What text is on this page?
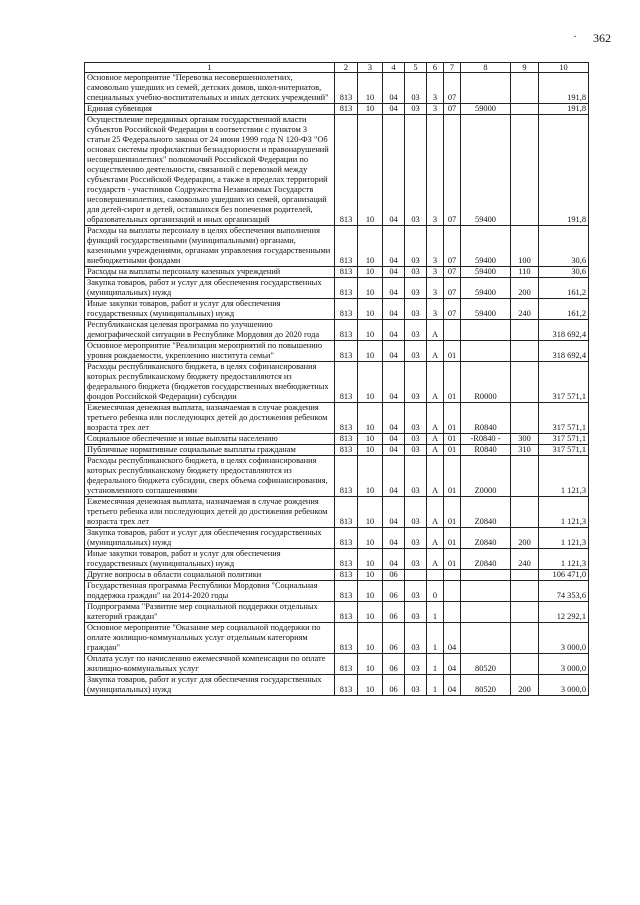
· 362
1	2	3	4	5	6	7	8	9	10
Основное мероприятие "Перевозка несовершеннолетних, самовольно ушедших из семей, детских домов, школ-интернатов, специальных учебно-воспитательных и иных детских учреждений"	813	10	04	03	3	07			191,8
Единая субвенция	813	10	04	03	3	07	59000		191,8
Осуществление переданных органам государственной власти субъектов Российской Федерации в соответствии с пунктом 3 статьи 25 Федерального закона от 24 июня 1999 года N 120-ФЗ "Об основах системы профилактики безнадзорности и правонарушений несовершеннолетних" полномочий Российской Федерации по осуществлению деятельности, связанной с перевозкой между субъектами Российской Федерации, а также в пределах территорий государств - участников Содружества Независимых Государств несовершеннолетних, самовольно ушедших из семей, организаций для детей-сирот и детей, оставшихся без попечения родителей, образовательных организаций и иных организаций	813	10	04	03	3	07	59400		191,8
Расходы на выплаты персоналу в целях обеспечения выполнения функций государственными (муниципальными) органами, казенными учреждениями, органами управления государственными внебюджетными фондами	813	10	04	03	3	07	59400	100	30,6
Расходы на выплаты персоналу казенных учреждений	813	10	04	03	3	07	59400	110	30,6
Закупка товаров, работ и услуг для обеспечения государственных (муниципальных) нужд	813	10	04	03	3	07	59400	200	161,2
Иные закупки товаров, работ и услуг для обеспечения государственных (муниципальных) нужд	813	10	04	03	3	07	59400	240	161,2
Республиканская целевая программа по улучшению демографической ситуации в Республике Мордовия до 2020 года	813	10	04	03	А				318 692,4
Основное мероприятие "Реализация мероприятий по повышению уровня рождаемости, укреплению института семьи"	813	10	04	03	А	01			318 692,4
Расходы республиканского бюджета, в целях софинансирования которых республиканскому бюджету предоставляются из федерального бюджета (бюджетов государственных внебюджетных фондов Российской Федерации) субсидии	813	10	04	03	А	01	R0000		317 571,1
Ежемесячная денежная выплата, назначаемая в случае рождения третьего ребенка или последующих детей до достижения ребенком возраста трех лет	813	10	04	03	А	01	R0840		317 571,1
Социальное обеспечение и иные выплаты населению	813	10	04	03	А	01	-R0840 -	300	317 571,1
Публичные нормативные социальные выплаты гражданам	813	10	04	03	А	01	R0840	310	317 571,1
Расходы республиканского бюджета, в целях софинансирования которых республиканскому бюджету предоставляются из федерального бюджета субсидии, сверх объема софинансирования, установленного соглашениями	813	10	04	03	А	01	Z0000		1 121,3
Ежемесячная денежная выплата, назначаемая в случае рождения третьего ребенка или последующих детей до достижения ребенком возраста трех лет	813	10	04	03	А	01	Z0840		1 121,3
Закупка товаров, работ и услуг для обеспечения государственных (муниципальных) нужд	813	10	04	03	А	01	Z0840	200	1 121,3
Иные закупки товаров, работ и услуг для обеспечения государственных (муниципальных) нужд	813	10	04	03	А	01	Z0840	240	1 121,3
Другие вопросы в области социальной политики	813	10	06						106 471,0
Государственная программа Республики Мордовия "Социальная поддержка граждан" на 2014-2020 годы	813	10	06	03	0				74 353,6
Подпрограмма "Развитие мер социальной поддержки отдельных категорий граждан"	813	10	06	03	1				12 292,1
Основное мероприятие "Оказание мер социальной поддержки по оплате жилищно-коммунальных услуг отдельным категориям граждан"	813	10	06	03	1	04			3 000,0
Оплата услуг по начислению ежемесячной компенсации по оплате жилищно-коммунальных услуг	813	10	06	03	1	04	80520		3 000,0
Закупка товаров, работ и услуг для обеспечения государственных (муниципальных) нужд	813	10	06	03	1	04	80520	200	3 000,0
